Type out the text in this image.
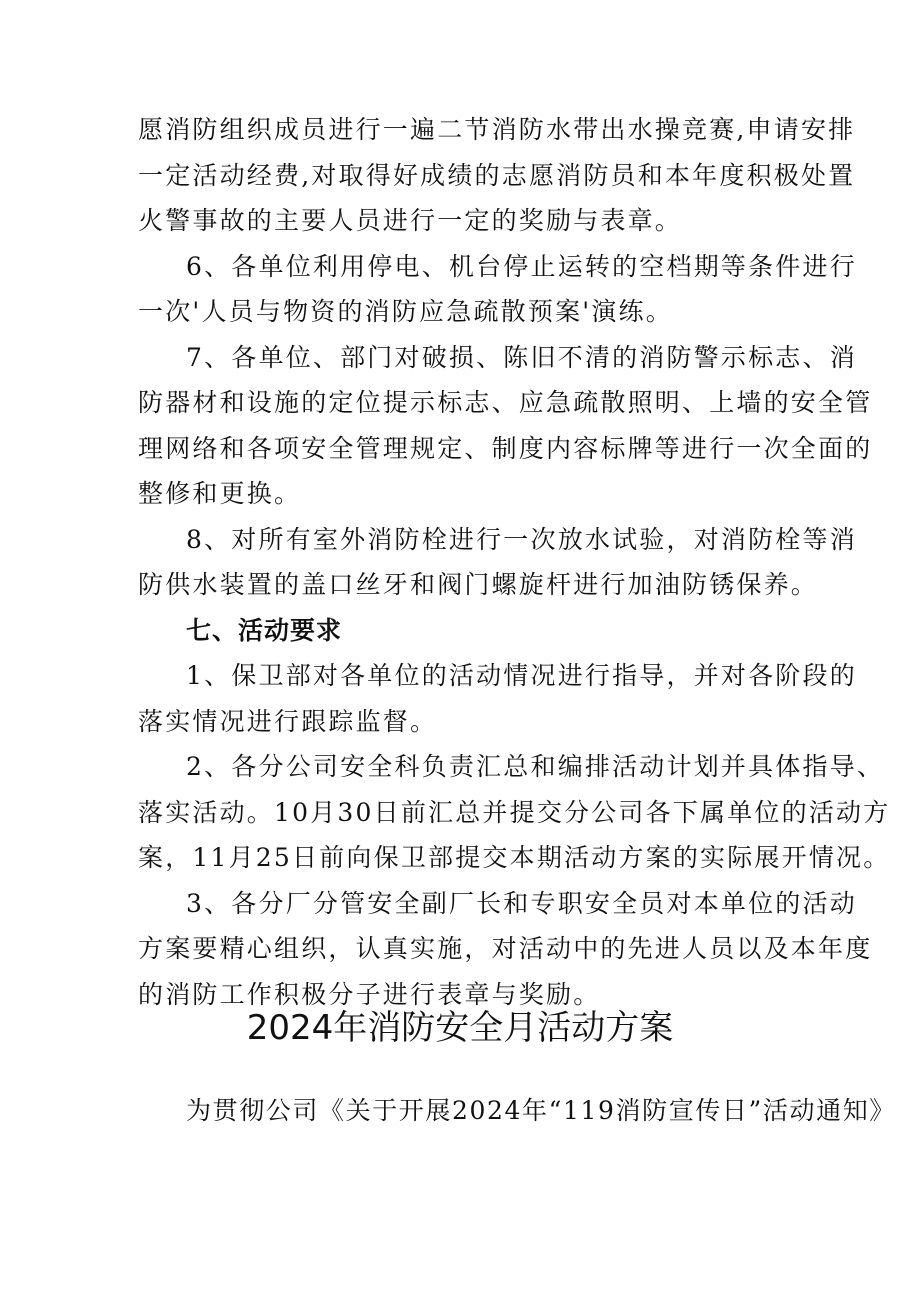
愿消防组织成员进行一遍二节消防水带出水操竞赛,申请安排
一定活动经费,对取得好成绩的志愿消防员和本年度积极处置
火警事故的主要人员进行一定的奖励与表章。
6、各单位利用停电、机台停止运转的空档期等条件进行
一次'人员与物资的消防应急疏散预案'演练。
7、各单位、部门对破损、陈旧不清的消防警示标志、消
防器材和设施的定位提示标志、应急疏散照明、上墙的安全管
理网络和各项安全管理规定、制度内容标牌等进行一次全面的
整修和更换。
8、对所有室外消防栓进行一次放水试验，对消防栓等消
防供水装置的盖口丝牙和阀门螺旋杆进行加油防锈保养。
七、活动要求
1、保卫部对各单位的活动情况进行指导，并对各阶段的
落实情况进行跟踪监督。
2、各分公司安全科负责汇总和编排活动计划并具体指导、
落实活动。10月30日前汇总并提交分公司各下属单位的活动方
案，11月25日前向保卫部提交本期活动方案的实际展开情况。
3、各分厂分管安全副厂长和专职安全员对本单位的活动
方案要精心组织，认真实施，对活动中的先进人员以及本年度
的消防工作积极分子进行表章与奖励。
2024年消防安全月活动方案
为贯彻公司《关于开展2024年“119消防宣传日”活动通知》
